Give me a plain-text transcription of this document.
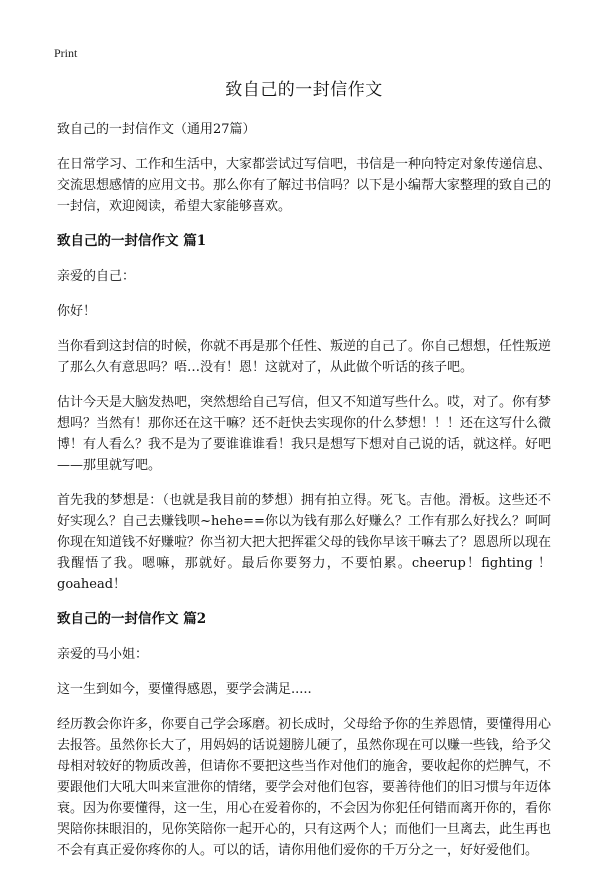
Print
致自己的一封信作文
致自己的一封信作文（通用27篇）

在日常学习、工作和生活中，大家都尝试过写信吧，书信是一种向特定对象传递信息、交流思想感情的应用文书。那么你有了解过书信吗？以下是小编帮大家整理的致自己的一封信，欢迎阅读，希望大家能够喜欢。

致自己的一封信作文 篇1

亲爱的自己：

你好！

当你看到这封信的时候，你就不再是那个任性、叛逆的自己了。你自己想想，任性叛逆了那么久有意思吗？唔…没有！恩！这就对了，从此做个听话的孩子吧。

估计今天是大脑发热吧，突然想给自己写信，但又不知道写些什么。哎，对了。你有梦想吗？当然有！那你还在这干嘛？还不赶快去实现你的什么梦想！！！还在这写什么微博！有人看么？我不是为了要谁谁谁看！我只是想写下想对自己说的话，就这样。好吧——那里就写吧。

首先我的梦想是：（也就是我目前的梦想）拥有拍立得。死飞。吉他。滑板。这些还不好实现么？自己去赚钱呗~hehe==你以为钱有那么好赚么？工作有那么好找么？呵呵你现在知道钱不好赚啦？你当初大把大把挥霍父母的钱你早该干嘛去了？恩恩所以现在我醒悟了我。嗯嘛，那就好。最后你要努力，不要怕累。cheerup！fighting ！ goahead！

致自己的一封信作文 篇2

亲爱的马小姐：

这一生到如今，要懂得感恩，要学会满足.....

经历教会你许多，你要自己学会琢磨。初长成时，父母给予你的生养恩情，要懂得用心去报答。虽然你长大了，用妈妈的话说翅膀儿硬了，虽然你现在可以赚一些钱，给予父母相对较好的物质改善，但请你不要把这些当作对他们的施舍，要收起你的烂脾气，不要跟他们大吼大叫来宣泄你的情绪，要学会对他们包容，要善待他们的旧习惯与年迈体衰。因为你要懂得，这一生，用心在爱着你的，不会因为你犯任何错而离开你的，看你哭陪你抹眼泪的，见你笑陪你一起开心的，只有这两个人；而他们一旦离去，此生再也不会有真正爱你疼你的人。可以的话，请你用他们爱你的千万分之一，好好爱他们。
